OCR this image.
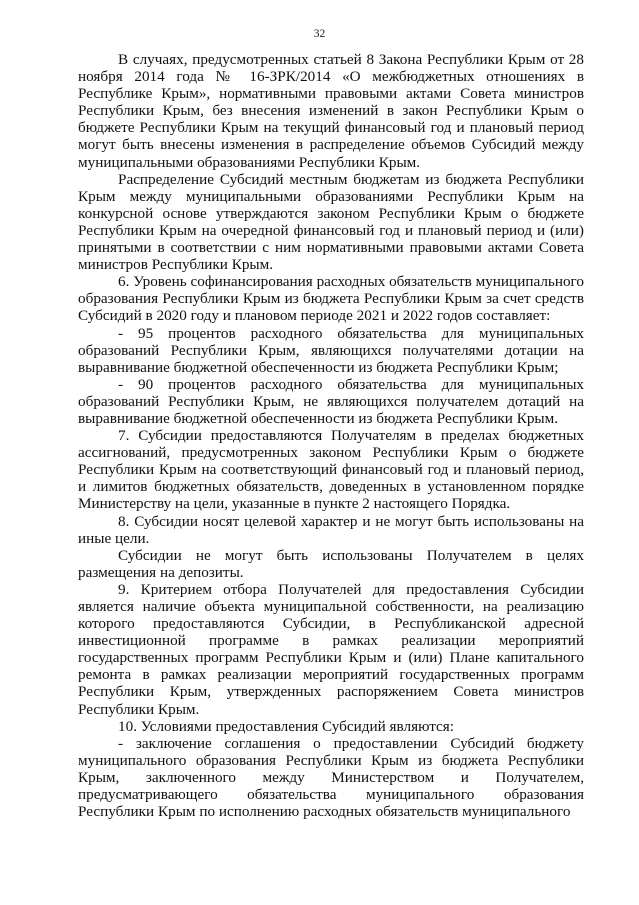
32

В случаях, предусмотренных статьей 8 Закона Республики Крым от 28 ноября 2014 года № 16-ЗРК/2014 «О межбюджетных отношениях в Республике Крым», нормативными правовыми актами Совета министров Республики Крым, без внесения изменений в закон Республики Крым о бюджете Республики Крым на текущий финансовый год и плановый период могут быть внесены изменения в распределение объемов Субсидий между муниципальными образованиями Республики Крым.

Распределение Субсидий местным бюджетам из бюджета Республики Крым между муниципальными образованиями Республики Крым на конкурсной основе утверждаются законом Республики Крым о бюджете Республики Крым на очередной финансовый год и плановый период и (или) принятыми в соответствии с ним нормативными правовыми актами Совета министров Республики Крым.

6. Уровень софинансирования расходных обязательств муниципального образования Республики Крым из бюджета Республики Крым за счет средств Субсидий в 2020 году и плановом периоде 2021 и 2022 годов составляет:

- 95 процентов расходного обязательства для муниципальных образований Республики Крым, являющихся получателями дотации на выравнивание бюджетной обеспеченности из бюджета Республики Крым;

- 90 процентов расходного обязательства для муниципальных образований Республики Крым, не являющихся получателем дотаций на выравнивание бюджетной обеспеченности из бюджета Республики Крым.

7. Субсидии предоставляются Получателям в пределах бюджетных ассигнований, предусмотренных законом Республики Крым о бюджете Республики Крым на соответствующий финансовый год и плановый период, и лимитов бюджетных обязательств, доведенных в установленном порядке Министерству на цели, указанные в пункте 2 настоящего Порядка.

8. Субсидии носят целевой характер и не могут быть использованы на иные цели.

Субсидии не могут быть использованы Получателем в целях размещения на депозиты.

9. Критерием отбора Получателей для предоставления Субсидии является наличие объекта муниципальной собственности, на реализацию которого предоставляются Субсидии, в Республиканской адресной инвестиционной программе в рамках реализации мероприятий государственных программ Республики Крым и (или) Плане капитального ремонта в рамках реализации мероприятий государственных программ Республики Крым, утвержденных распоряжением Совета министров Республики Крым.

10. Условиями предоставления Субсидий являются:

- заключение соглашения о предоставлении Субсидий бюджету муниципального образования Республики Крым из бюджета Республики Крым, заключенного между Министерством и Получателем, предусматривающего обязательства муниципального образования Республики Крым по исполнению расходных обязательств муниципального
